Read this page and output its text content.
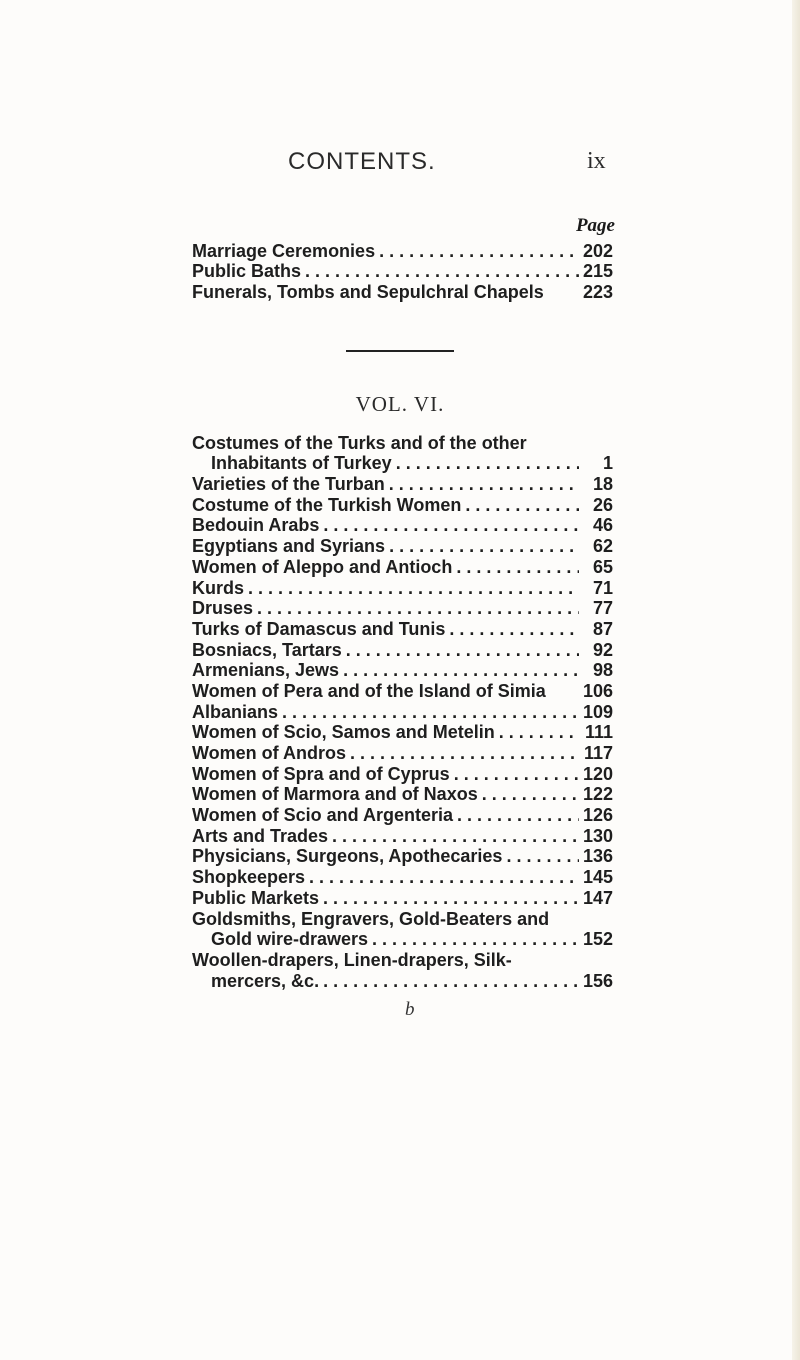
CONTENTS.	ix
Page
Marriage Ceremonies . . .	202
Public Baths . . .	215
Funerals, Tombs and Sepulchral Chapels 223
VOL. VI.
Costumes of the Turks and of the other
Inhabitants of Turkey . . .	1
Varieties of the Turban . . .	18
Costume of the Turkish Women . . .	26
Bedouin Arabs . . .	46
Egyptians and Syrians . . .	62
Women of Aleppo and Antioch . . .	65
Kurds . . .	71
Druses . . .	77
Turks of Damascus and Tunis . . .	87
Bosniacs, Tartars . . .	92
Armenians, Jews . . .	98
Women of Pera and of the Island of Simia 106
Albanians . . .	109
Women of Scio, Samos and Metelin . . .	111
Women of Andros . . .	117
Women of Spra and of Cyprus . . .	120
Women of Marmora and of Naxos . . .	122
Women of Scio and Argenteria . . .	126
Arts and Trades . . .	130
Physicians, Surgeons, Apothecaries . . .	136
Shopkeepers . . .	145
Public Markets . . .	147
Goldsmiths, Engravers, Gold-Beaters and
Gold wire-drawers . . .	152
Woollen-drapers, Linen-drapers, Silk-
mercers, &c. . . .	156
b
